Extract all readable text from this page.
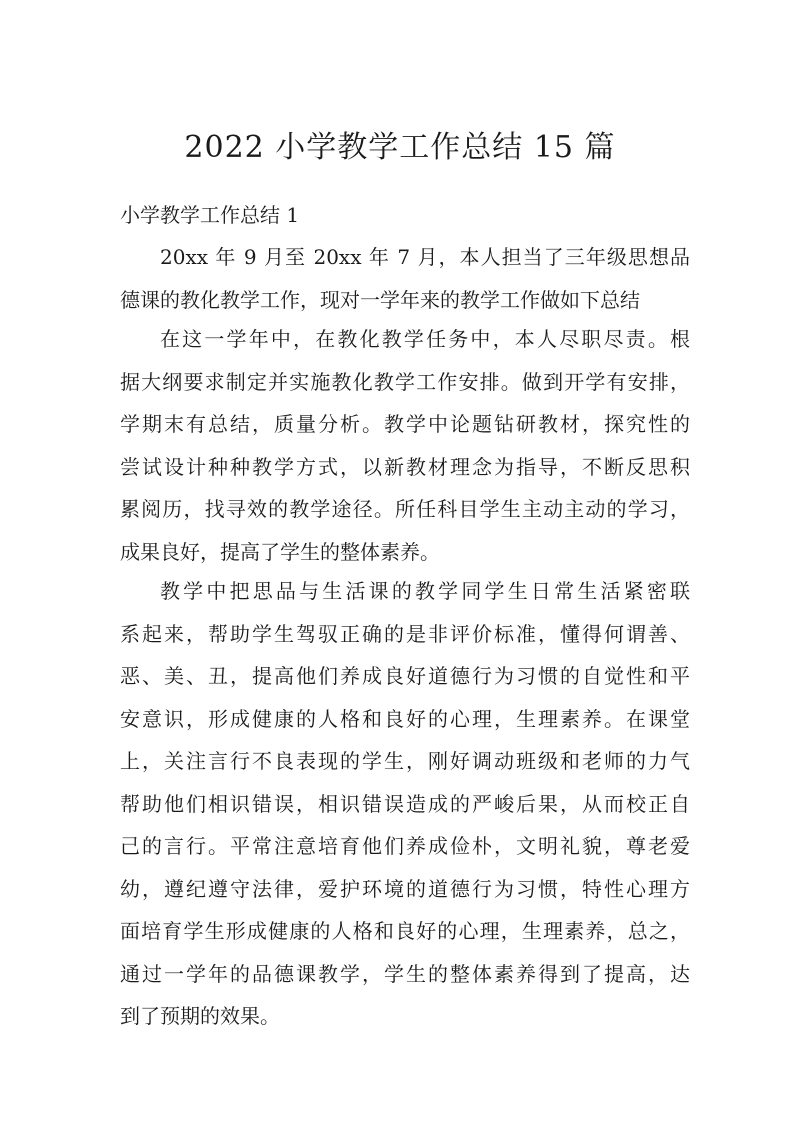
2022 小学教学工作总结 15 篇
小学教学工作总结 1
20xx 年 9 月至 20xx 年 7 月，本人担当了三年级思想品
德课的教化教学工作，现对一学年来的教学工作做如下总结
在这一学年中，在教化教学任务中，本人尽职尽责。根
据大纲要求制定并实施教化教学工作安排。做到开学有安排，
学期末有总结，质量分析。教学中论题钻研教材，探究性的
尝试设计种种教学方式，以新教材理念为指导，不断反思积
累阅历，找寻效的教学途径。所任科目学生主动主动的学习，
成果良好，提高了学生的整体素养。
教学中把思品与生活课的教学同学生日常生活紧密联
系起来，帮助学生驾驭正确的是非评价标准，懂得何谓善、
恶、美、丑，提高他们养成良好道德行为习惯的自觉性和平
安意识，形成健康的人格和良好的心理，生理素养。在课堂
上，关注言行不良表现的学生，刚好调动班级和老师的力气
帮助他们相识错误，相识错误造成的严峻后果，从而校正自
己的言行。平常注意培育他们养成俭朴，文明礼貌，尊老爱
幼，遵纪遵守法律，爱护环境的道德行为习惯，特性心理方
面培育学生形成健康的人格和良好的心理，生理素养，总之，
通过一学年的品德课教学，学生的整体素养得到了提高，达
到了预期的效果。
